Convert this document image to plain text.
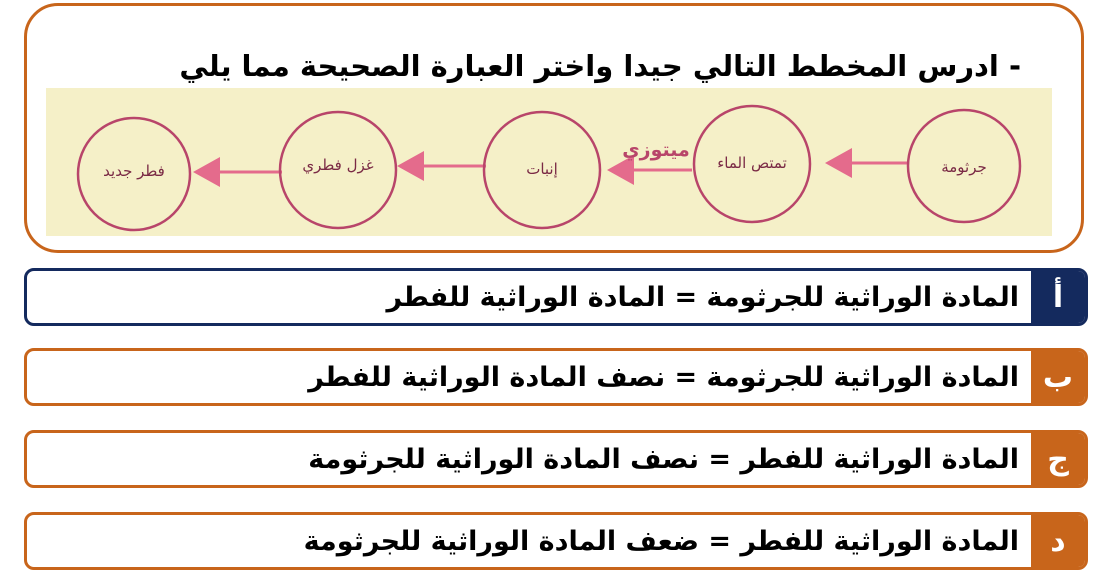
- ادرس المخطط التالي جيدا واختر العبارة الصحيحة مما يلي
جرثومة
تمتص الماء
إنبات
غزل فطري
فطر جديد
ميتوزي
أ
المادة الوراثية للجرثومة = المادة الوراثية للفطر
ب
المادة الوراثية للجرثومة = نصف المادة الوراثية للفطر
ج
المادة الوراثية للفطر = نصف المادة الوراثية للجرثومة
د
المادة الوراثية للفطر = ضعف المادة الوراثية للجرثومة
